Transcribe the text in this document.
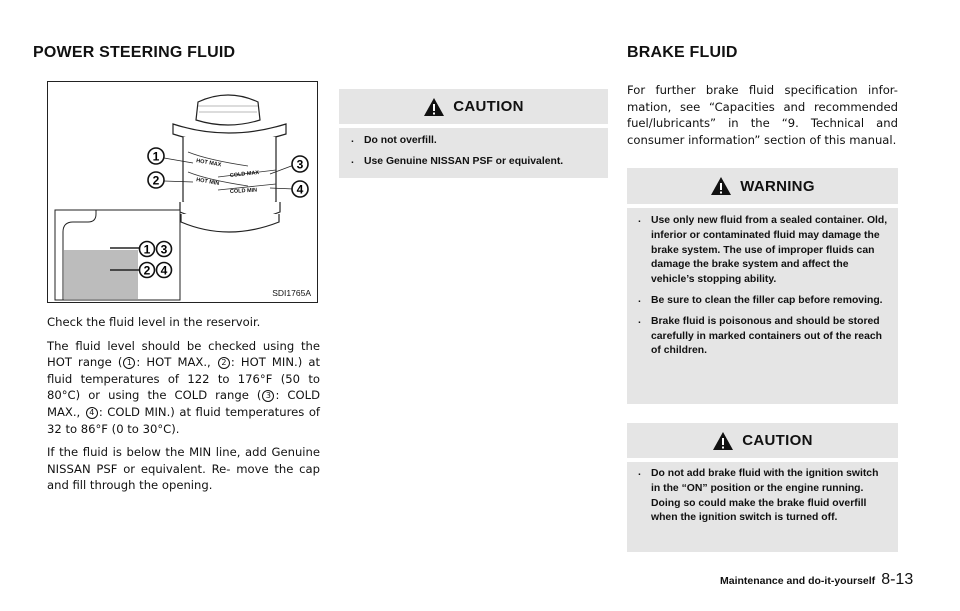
POWER STEERING FLUID	BRAKE FLUID
1
2
3
4
1 3
2 4
HOT MAX
HOT MIN
COLD MAX
COLD MIN
SDI1765A

Check the fluid level in the reservoir.

The fluid level should be checked using the HOT range ( 1 : HOT MAX., 2 : HOT MIN.) at fluid temperatures of 122 to 176°F (50 to 80°C) or using the COLD range ( 3 : COLD MAX., 4 : COLD MIN.) at fluid temperatures of 32 to 86°F (0 to 30°C).

If the fluid is below the MIN line, add Genuine NISSAN PSF or equivalent. Re- move the cap and fill through the opening.

CAUTION
. Do not overfill.
. Use Genuine NISSAN PSF or equivalent.
For further brake fluid specification infor- mation, see “Capacities and recommended fuel/lubricants” in the “9. Technical and consumer information” section of this manual.
WARNING
. Use only new fluid from a sealed container. Old, inferior or contaminated fluid may damage the brake system. The use of improper fluids can damage the brake system and affect the vehicle’s stopping ability.
. Be sure to clean the filler cap before removing.
. Brake fluid is poisonous and should be stored carefully in marked containers out of the reach of children.
CAUTION
. Do not add brake fluid with the ignition switch in the “ON” position or the engine running. Doing so could make the brake fluid overfill when the ignition switch is turned off.
Maintenance and do-it-yourself 8-13
